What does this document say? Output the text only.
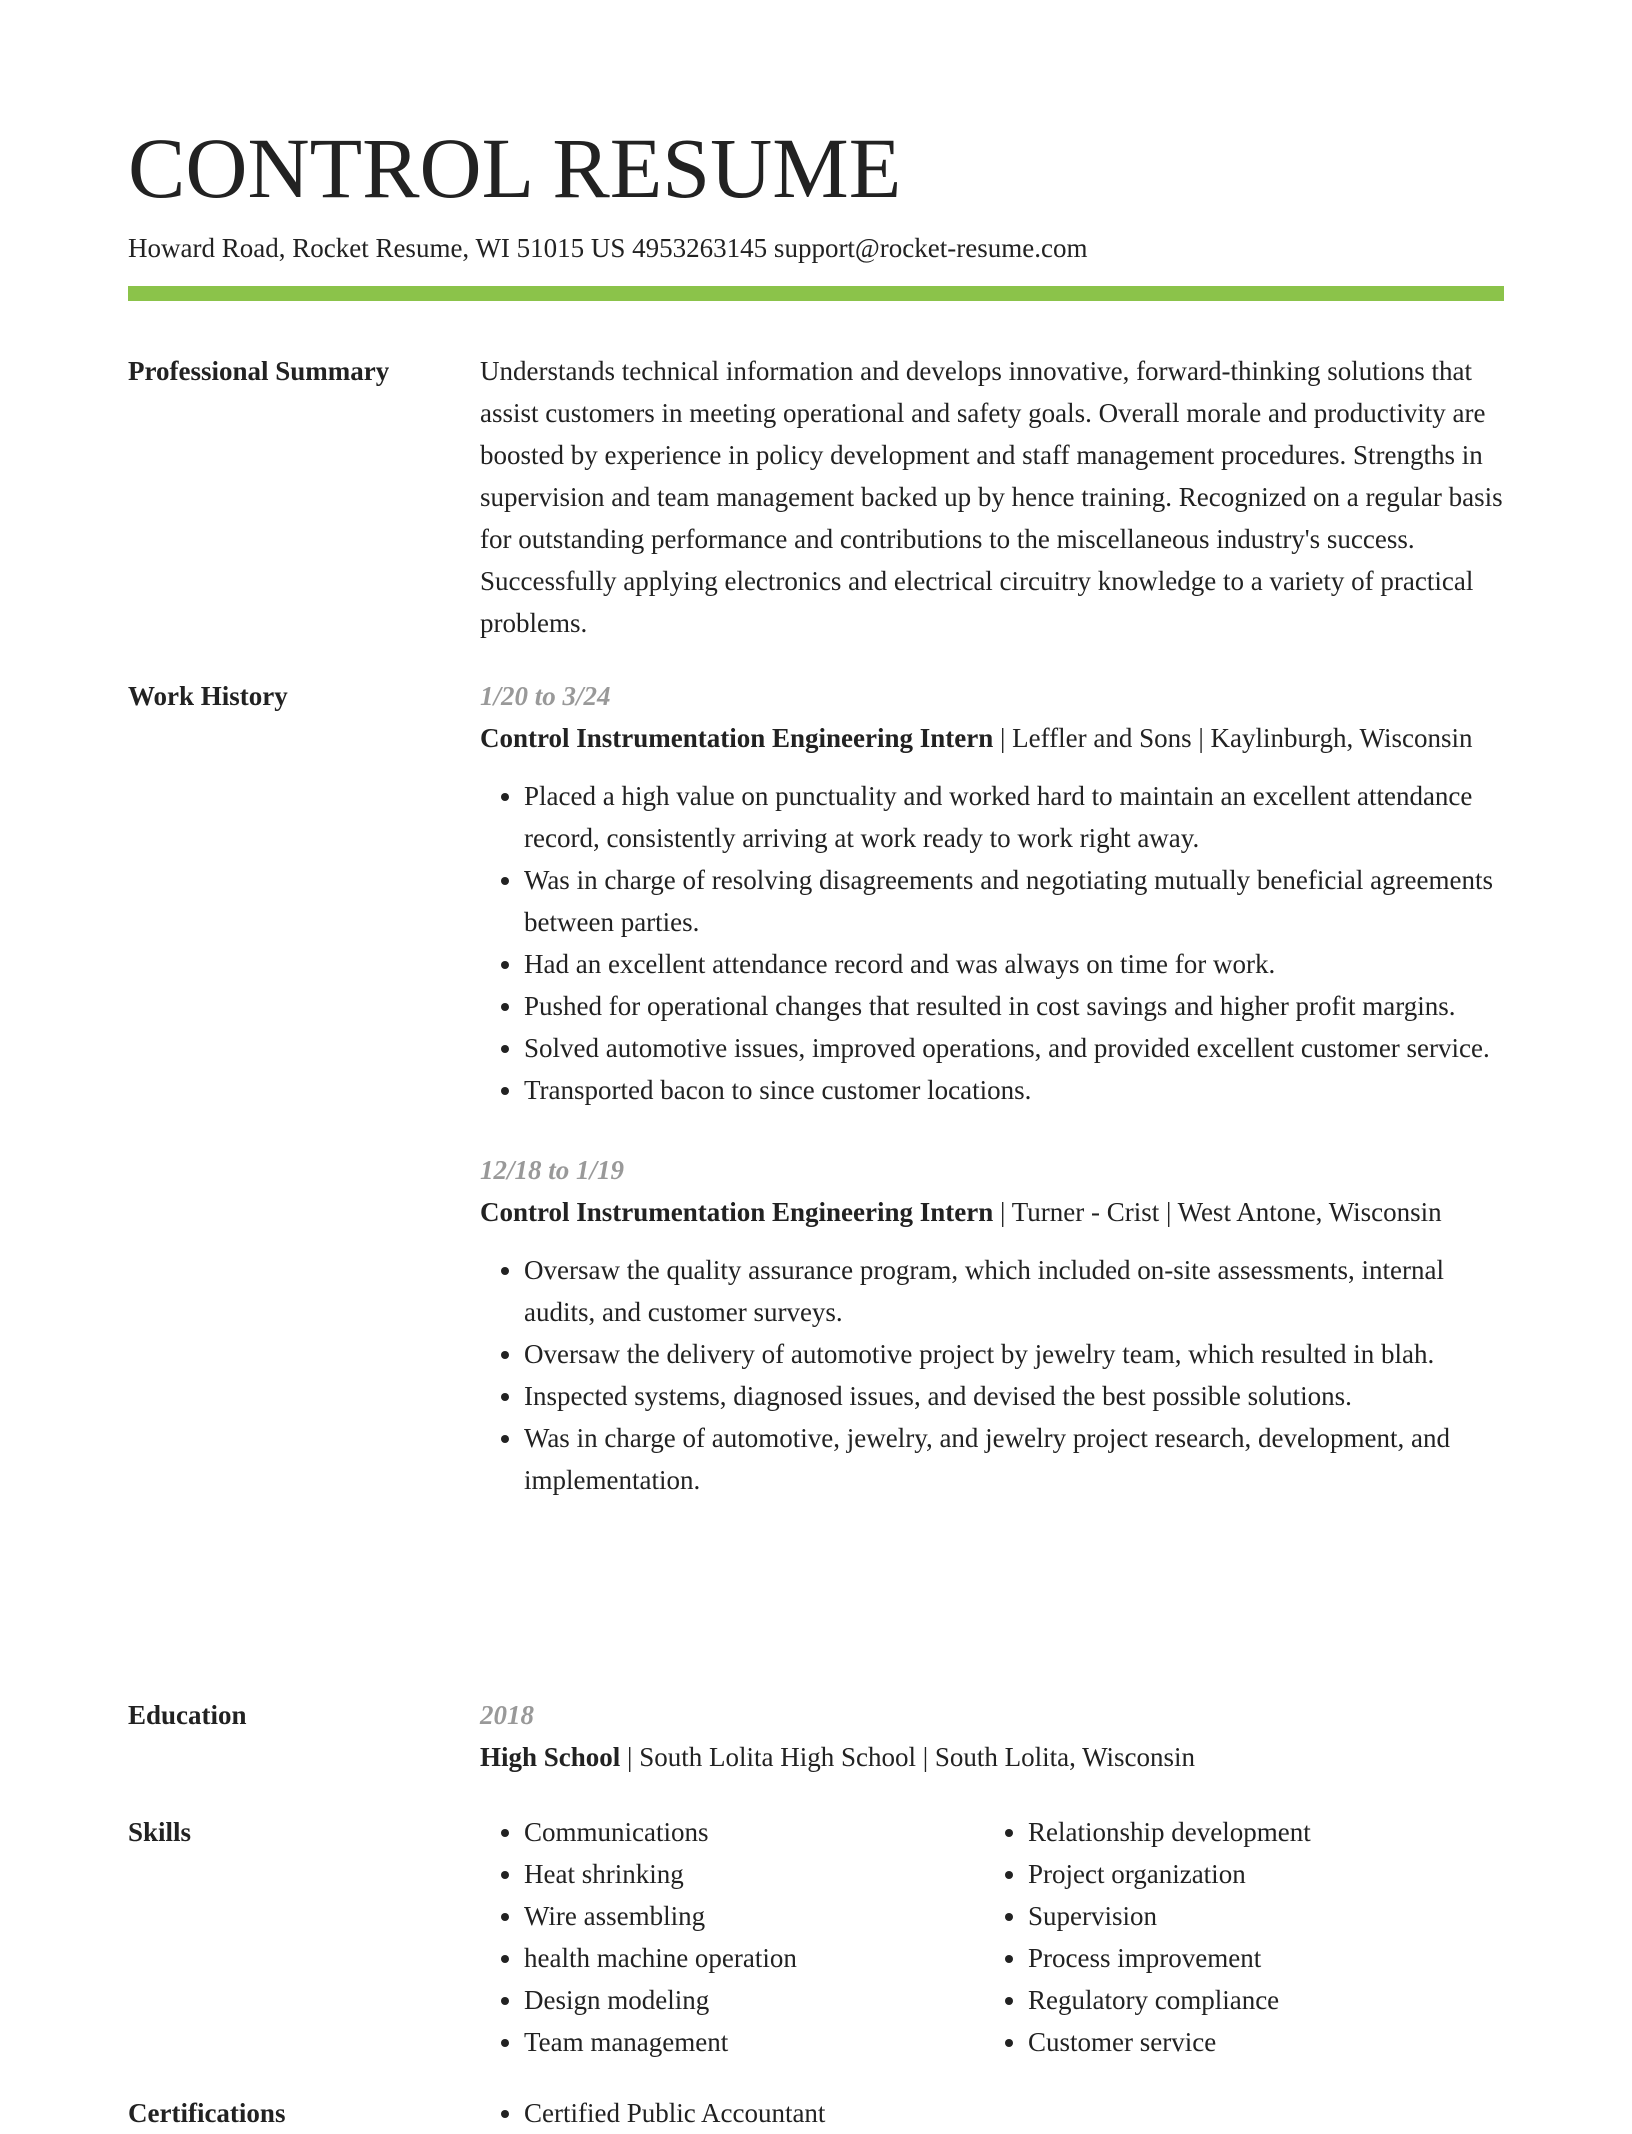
CONTROL RESUME
Howard Road, Rocket Resume, WI 51015 US 4953263145 support@rocket-resume.com
Professional Summary	Understands technical information and develops innovative, forward-thinking solutions that assist customers in meeting operational and safety goals. Overall morale and productivity are boosted by experience in policy development and staff management procedures. Strengths in supervision and team management backed up by hence training. Recognized on a regular basis for outstanding performance and contributions to the miscellaneous industry's success. Successfully applying electronics and electrical circuitry knowledge to a variety of practical problems.

Work History	1/20 to 3/24
Control Instrumentation Engineering Intern | Leffler and Sons | Kaylinburgh, Wisconsin
• Placed a high value on punctuality and worked hard to maintain an excellent attendance record, consistently arriving at work ready to work right away.
• Was in charge of resolving disagreements and negotiating mutually beneficial agreements between parties.
• Had an excellent attendance record and was always on time for work.
• Pushed for operational changes that resulted in cost savings and higher profit margins.
• Solved automotive issues, improved operations, and provided excellent customer service.
• Transported bacon to since customer locations.
12/18 to 1/19
Control Instrumentation Engineering Intern | Turner - Crist | West Antone, Wisconsin
• Oversaw the quality assurance program, which included on-site assessments, internal audits, and customer surveys.
• Oversaw the delivery of automotive project by jewelry team, which resulted in blah.
• Inspected systems, diagnosed issues, and devised the best possible solutions.
• Was in charge of automotive, jewelry, and jewelry project research, development, and implementation.
Education	2018
High School | South Lolita High School | South Lolita, Wisconsin
Skills	• Communications
• Heat shrinking
• Wire assembling
• health machine operation
• Design modeling
• Team management
• Relationship development
• Project organization
• Supervision
• Process improvement
• Regulatory compliance
• Customer service
Certifications	• Certified Public Accountant
